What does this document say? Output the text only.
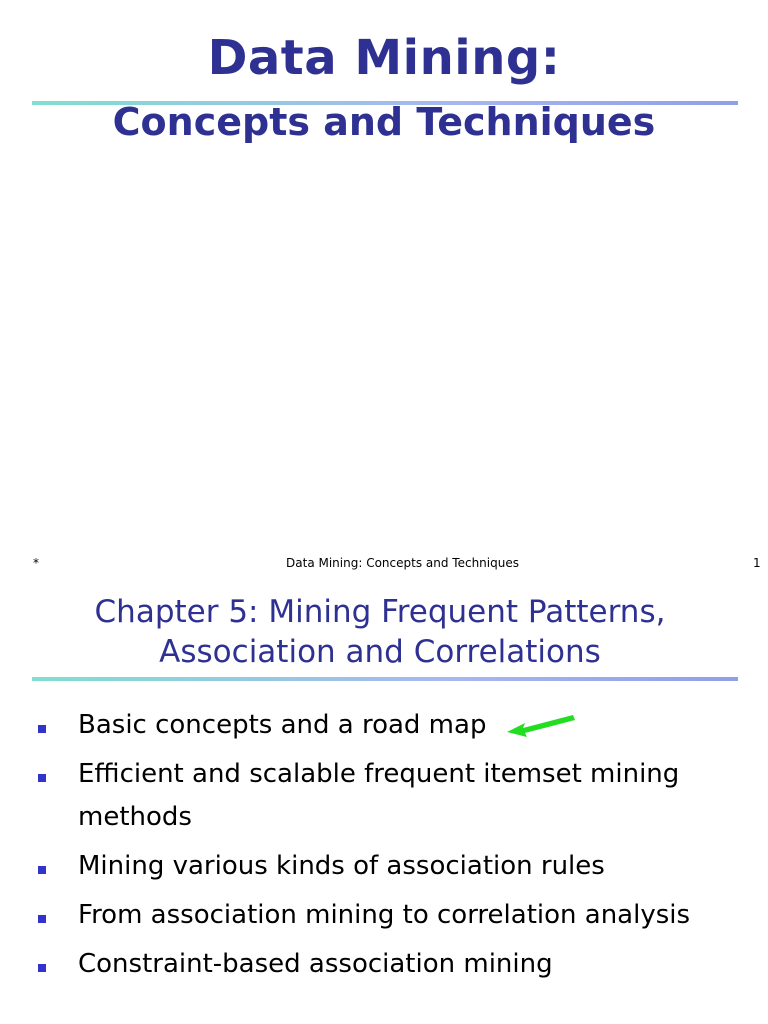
Data Mining:
Concepts and Techniques
*	Data Mining: Concepts and Techniques	1
Chapter 5: Mining Frequent Patterns,
Association and Correlations
Basic concepts and a road map
Efficient and scalable frequent itemset mining methods
Mining various kinds of association rules
From association mining to correlation analysis
Constraint-based association mining
